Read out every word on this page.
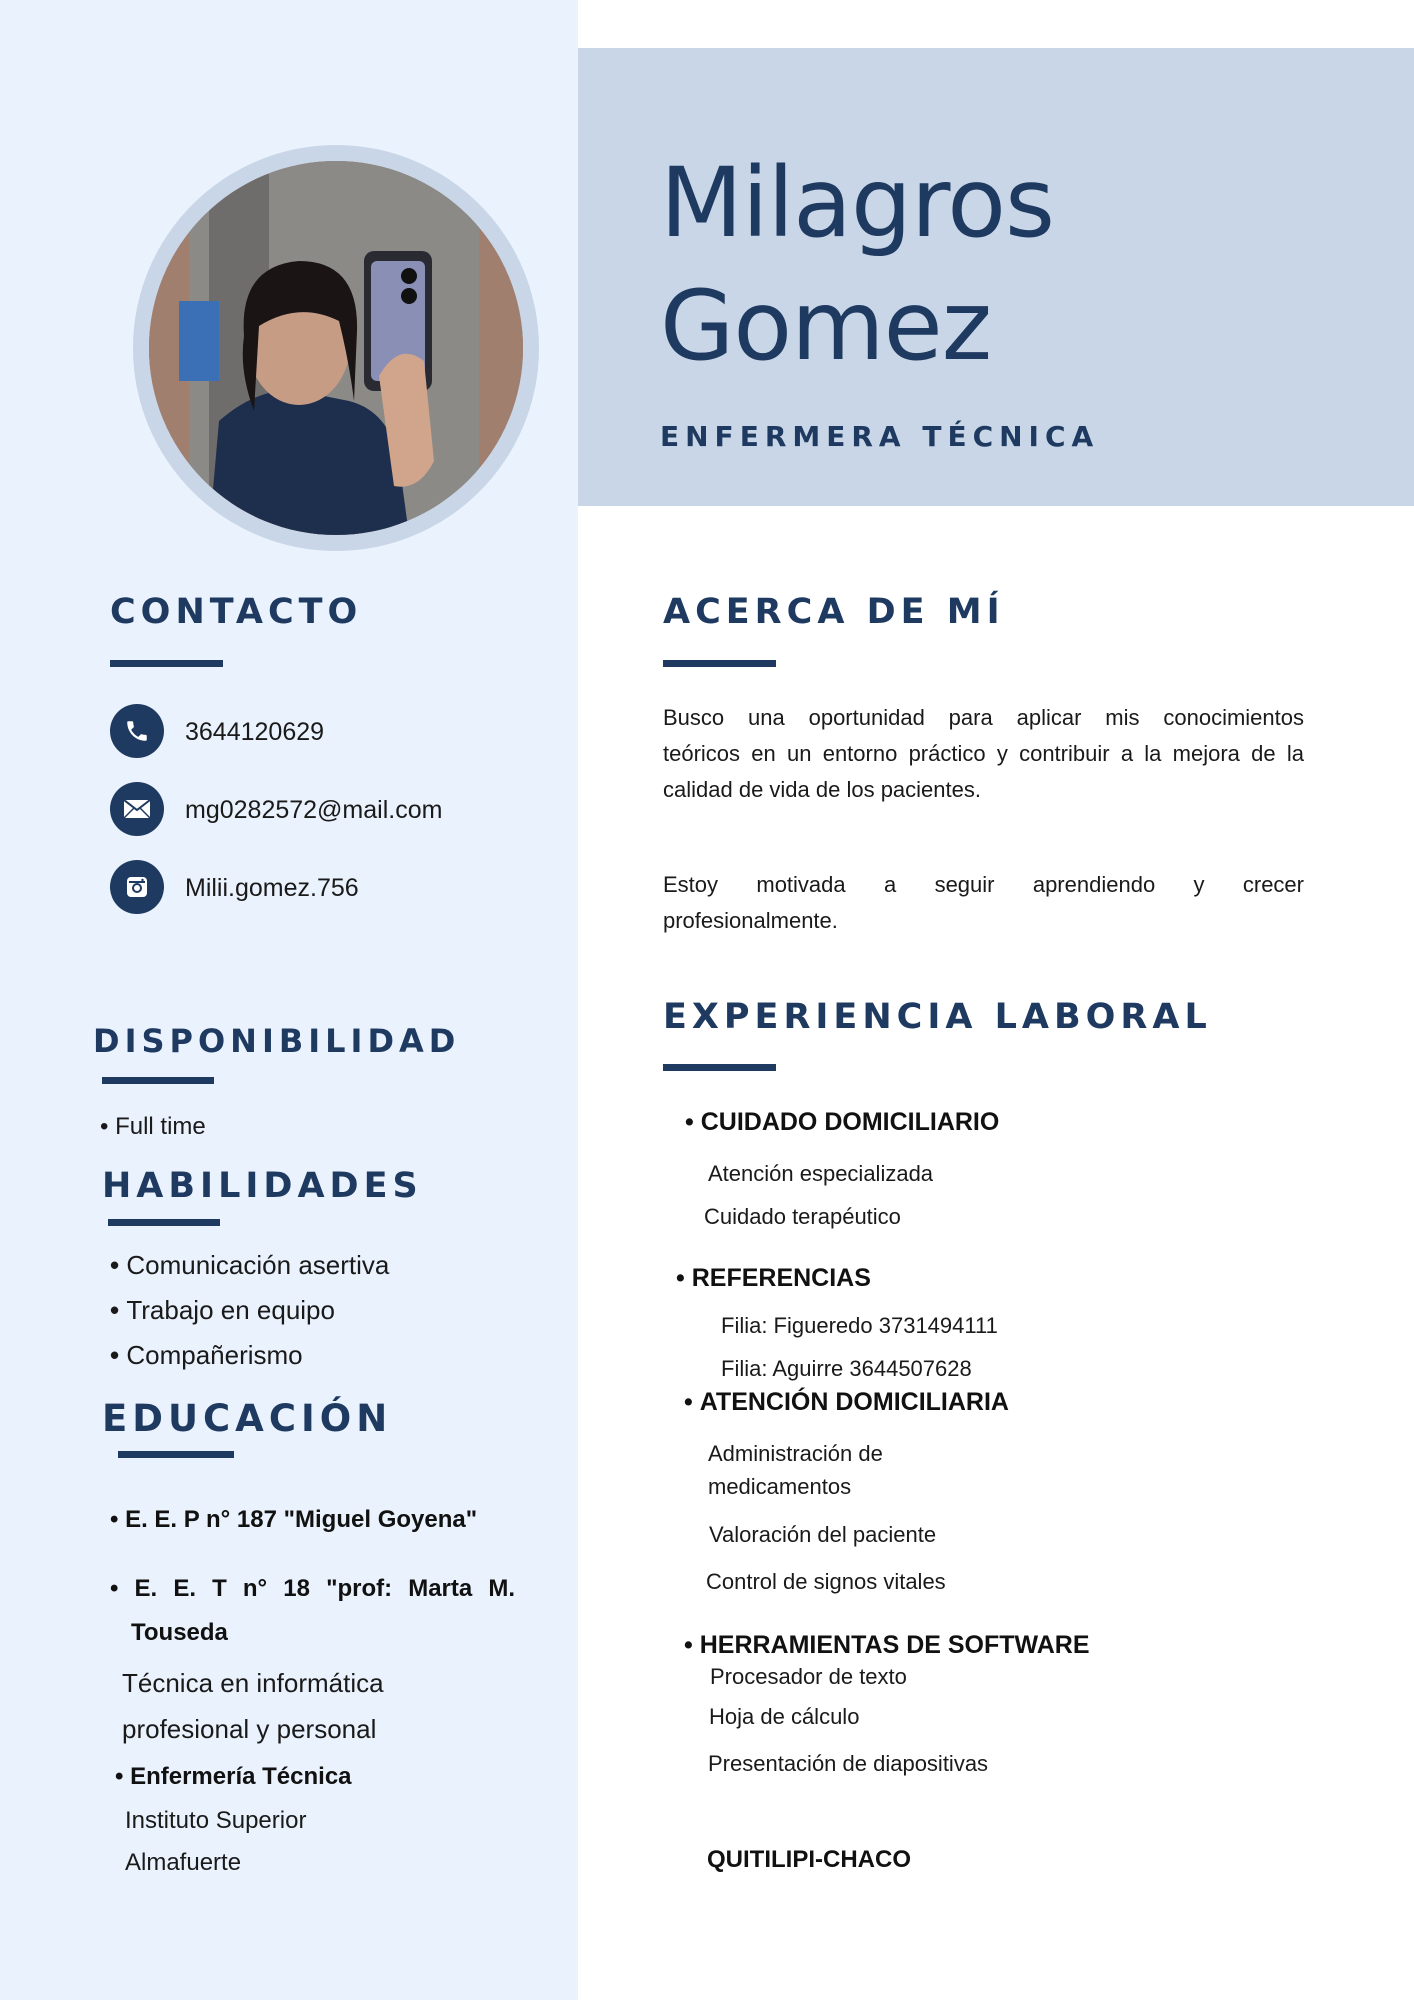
Milagros
Gomez
ENFERMERA TÉCNICA
CONTACTO
3644120629
mg0282572@mail.com
Milii.gomez.756
DISPONIBILIDAD
• Full time
HABILIDADES
• Comunicación asertiva
• Trabajo en equipo
• Compañerismo
EDUCACIÓN
• E. E. P n° 187 "Miguel Goyena"
• E. E. T n° 18 "prof: Marta M.
Touseda
Técnica en informática
profesional y personal
• Enfermería Técnica
Instituto Superior
Almafuerte
ACERCA DE MÍ
Busco una oportunidad para aplicar mis conocimientos
teóricos en un entorno práctico y contribuir a la mejora de la
calidad de vida de los pacientes.
Estoy motivada a seguir aprendiendo y crecer
profesionalmente.
EXPERIENCIA LABORAL
• CUIDADO DOMICILIARIO
Atención especializada
Cuidado terapéutico
• REFERENCIAS
Filia: Figueredo 3731494111
Filia: Aguirre 3644507628
• ATENCIÓN DOMICILIARIA
Administración de
medicamentos
Valoración del paciente
Control de signos vitales
• HERRAMIENTAS DE SOFTWARE
Procesador de texto
Hoja de cálculo
Presentación de diapositivas
QUITILIPI-CHACO
